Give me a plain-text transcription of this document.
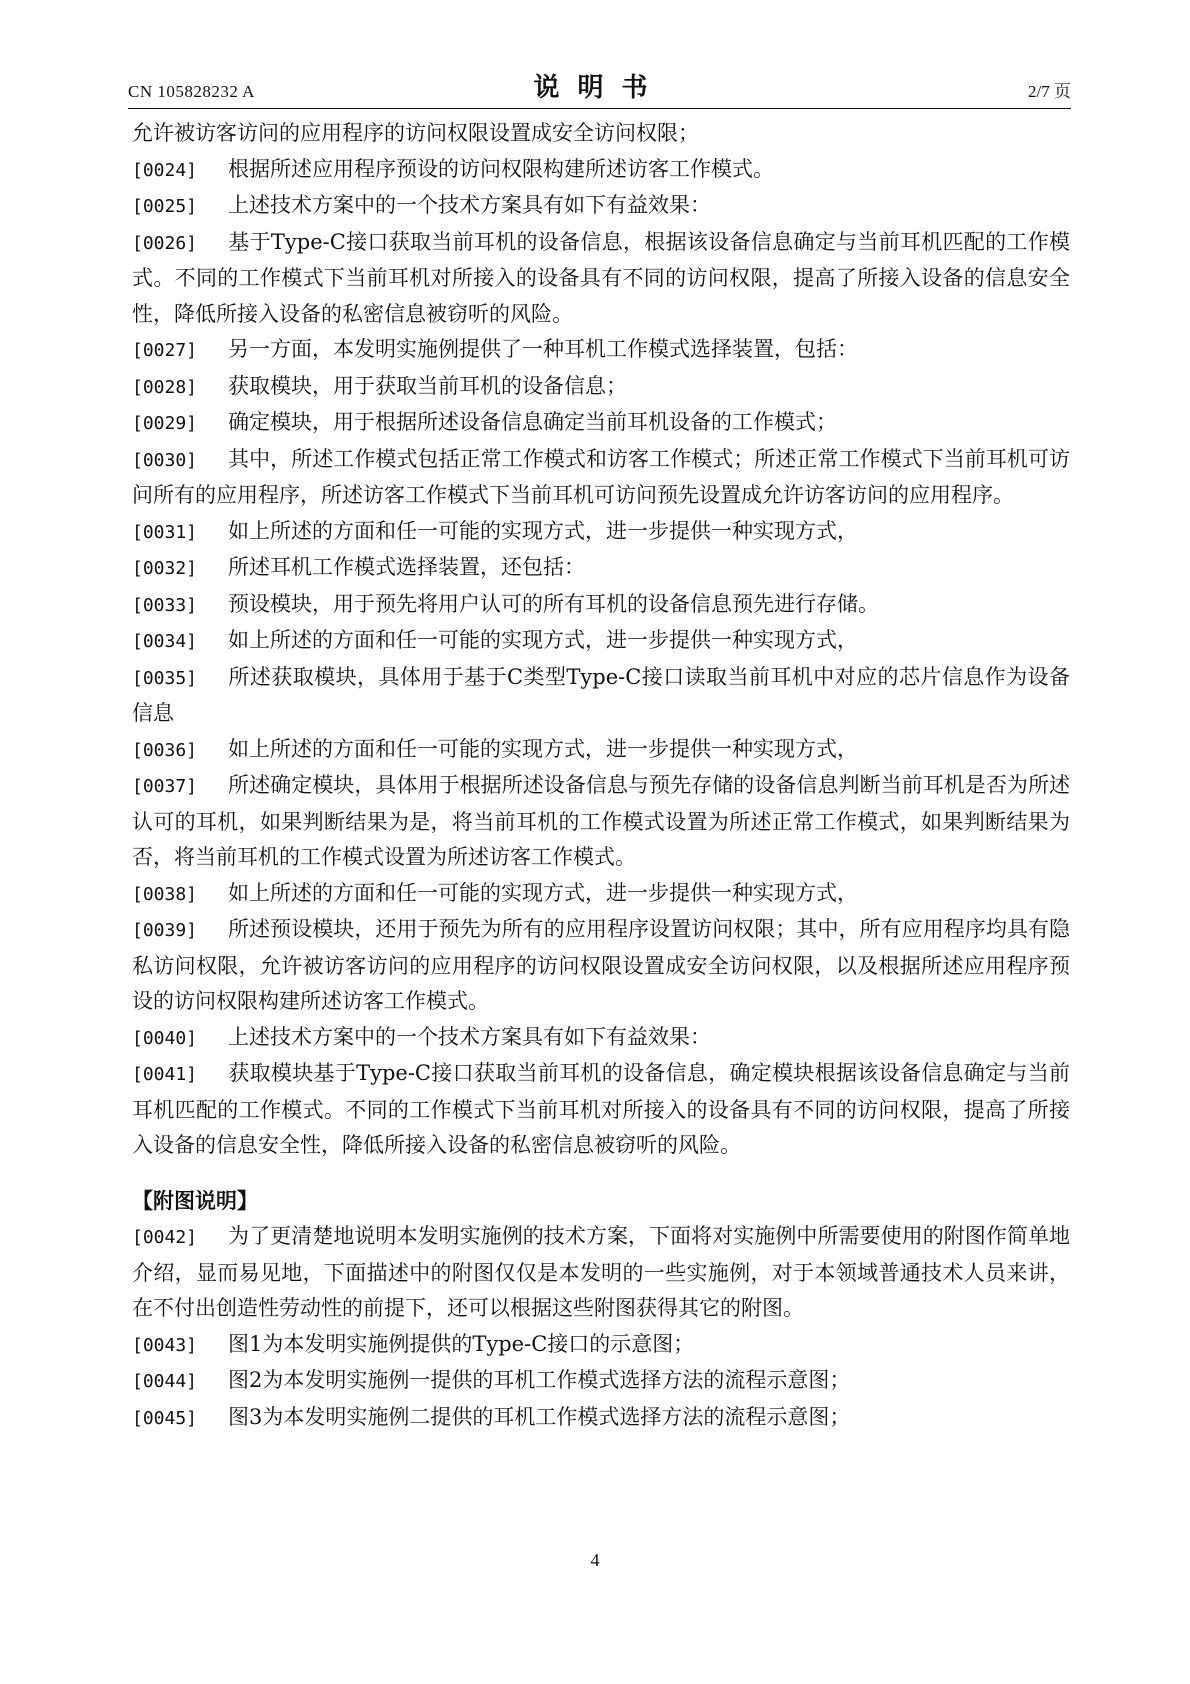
CN 105828232 A	说明书	2/7 页

允许被访客访问的应用程序的访问权限设置成安全访问权限；

[0024] 根据所述应用程序预设的访问权限构建所述访客工作模式。

[0025] 上述技术方案中的一个技术方案具有如下有益效果：

[0026] 基于Type-C接口获取当前耳机的设备信息，根据该设备信息确定与当前耳机匹配的工作模式。不同的工作模式下当前耳机对所接入的设备具有不同的访问权限，提高了所接入设备的信息安全性，降低所接入设备的私密信息被窃听的风险。

[0027] 另一方面，本发明实施例提供了一种耳机工作模式选择装置，包括：

[0028] 获取模块，用于获取当前耳机的设备信息；

[0029] 确定模块，用于根据所述设备信息确定当前耳机设备的工作模式；

[0030] 其中，所述工作模式包括正常工作模式和访客工作模式；所述正常工作模式下当前耳机可访问所有的应用程序，所述访客工作模式下当前耳机可访问预先设置成允许访客访问的应用程序。

[0031] 如上所述的方面和任一可能的实现方式，进一步提供一种实现方式，

[0032] 所述耳机工作模式选择装置，还包括：

[0033] 预设模块，用于预先将用户认可的所有耳机的设备信息预先进行存储。

[0034] 如上所述的方面和任一可能的实现方式，进一步提供一种实现方式，

[0035] 所述获取模块，具体用于基于C类型Type-C接口读取当前耳机中对应的芯片信息作为设备信息

[0036] 如上所述的方面和任一可能的实现方式，进一步提供一种实现方式，

[0037] 所述确定模块，具体用于根据所述设备信息与预先存储的设备信息判断当前耳机是否为所述认可的耳机，如果判断结果为是，将当前耳机的工作模式设置为所述正常工作模式，如果判断结果为否，将当前耳机的工作模式设置为所述访客工作模式。

[0038] 如上所述的方面和任一可能的实现方式，进一步提供一种实现方式，

[0039] 所述预设模块，还用于预先为所有的应用程序设置访问权限；其中，所有应用程序均具有隐私访问权限，允许被访客访问的应用程序的访问权限设置成安全访问权限，以及根据所述应用程序预设的访问权限构建所述访客工作模式。

[0040] 上述技术方案中的一个技术方案具有如下有益效果：

[0041] 获取模块基于Type-C接口获取当前耳机的设备信息，确定模块根据该设备信息确定与当前耳机匹配的工作模式。不同的工作模式下当前耳机对所接入的设备具有不同的访问权限，提高了所接入设备的信息安全性，降低所接入设备的私密信息被窃听的风险。

【附图说明】

[0042] 为了更清楚地说明本发明实施例的技术方案，下面将对实施例中所需要使用的附图作简单地介绍，显而易见地，下面描述中的附图仅仅是本发明的一些实施例，对于本领域普通技术人员来讲，在不付出创造性劳动性的前提下，还可以根据这些附图获得其它的附图。

[0043] 图1为本发明实施例提供的Type-C接口的示意图；

[0044] 图2为本发明实施例一提供的耳机工作模式选择方法的流程示意图；

[0045] 图3为本发明实施例二提供的耳机工作模式选择方法的流程示意图；

4
